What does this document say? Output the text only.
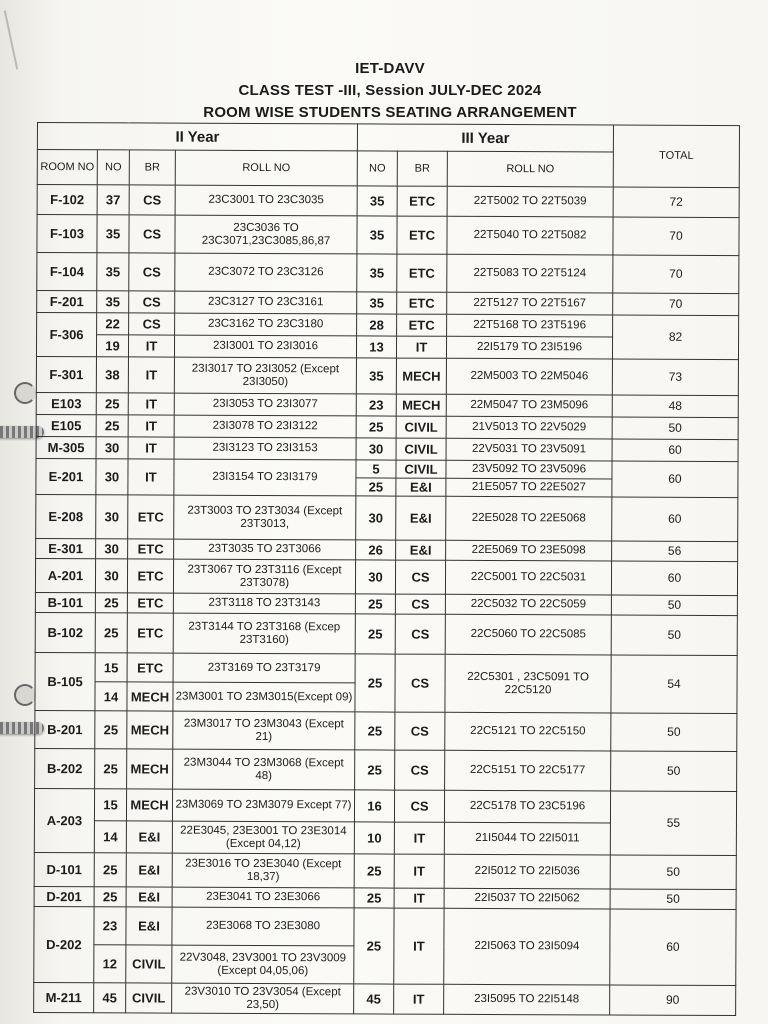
IET-DAVV
CLASS TEST -III, Session JULY-DEC 2024
ROOM WISE STUDENTS SEATING ARRANGEMENT
II Year				III Year			TOTAL
ROOM NO	NO	BR	ROLL NO	NO	BR	ROLL NO	
F-102	37	CS	23C3001 TO 23C3035	35	ETC	22T5002 TO 22T5039	72
F-103	35	CS	23C3036 TO 23C3071,23C3085,86,87	35	ETC	22T5040 TO 22T5082	70
F-104	35	CS	23C3072 TO 23C3126	35	ETC	22T5083 TO 22T5124	70
F-201	35	CS	23C3127 TO 23C3161	35	ETC	22T5127 TO 22T5167	70
F-306	22	CS	23C3162 TO 23C3180	28	ETC	22T5168 TO 23T5196	82
	19	IT	23I3001 TO 23I3016	13	IT	22I5179 TO 23I5196	
F-301	38	IT	23I3017 TO 23I3052 (Except 23I3050)	35	MECH	22M5003 TO 22M5046	73
E103	25	IT	23I3053 TO 23I3077	23	MECH	22M5047 TO 23M5096	48
E105	25	IT	23I3078 TO 23I3122	25	CIVIL	21V5013 TO 22V5029	50
M-305	30	IT	23I3123 TO 23I3153	30	CIVIL	22V5031 TO 23V5091	60
E-201	30	IT	23I3154 TO 23I3179	5	CIVIL	23V5092 TO 23V5096	60
				25	E&I	21E5057 TO 22E5027	
E-208	30	ETC	23T3003 TO 23T3034 (Except 23T3013,	30	E&I	22E5028 TO 22E5068	60
E-301	30	ETC	23T3035 TO 23T3066	26	E&I	22E5069 TO 23E5098	56
A-201	30	ETC	23T3067 TO 23T3116 (Except 23T3078)	30	CS	22C5001 TO 22C5031	60
B-101	25	ETC	23T3118 TO 23T3143	25	CS	22C5032 TO 22C5059	50
B-102	25	ETC	23T3144 TO 23T3168 (Excep 23T3160)	25	CS	22C5060 TO 22C5085	50
B-105	15	ETC	23T3169 TO 23T3179	25	CS	22C5301 , 23C5091 TO 22C5120	54
	14	MECH	23M3001 TO 23M3015(Except 09)				
B-201	25	MECH	23M3017 TO 23M3043 (Except 21)	25	CS	22C5121 TO 22C5150	50
B-202	25	MECH	23M3044 TO 23M3068 (Except 48)	25	CS	22C5151 TO 22C5177	50
A-203	15	MECH	23M3069 TO 23M3079 Except 77)	16	CS	22C5178 TO 23C5196	55
	14	E&I	22E3045, 23E3001 TO 23E3014 (Except 04,12)	10	IT	21I5044 TO 22I5011	
D-101	25	E&I	23E3016 TO 23E3040 (Except 18,37)	25	IT	22I5012 TO 22I5036	50
D-201	25	E&I	23E3041 TO 23E3066	25	IT	22I5037 TO 22I5062	50
D-202	23	E&I	23E3068 TO 23E3080	25	IT	22I5063 TO 23I5094	60
	12	CIVIL	22V3048, 23V3001 TO 23V3009 (Except 04,05,06)				
M-211	45	CIVIL	23V3010 TO 23V3054 (Except 23,50)	45	IT	23I5095 TO 22I5148	90
